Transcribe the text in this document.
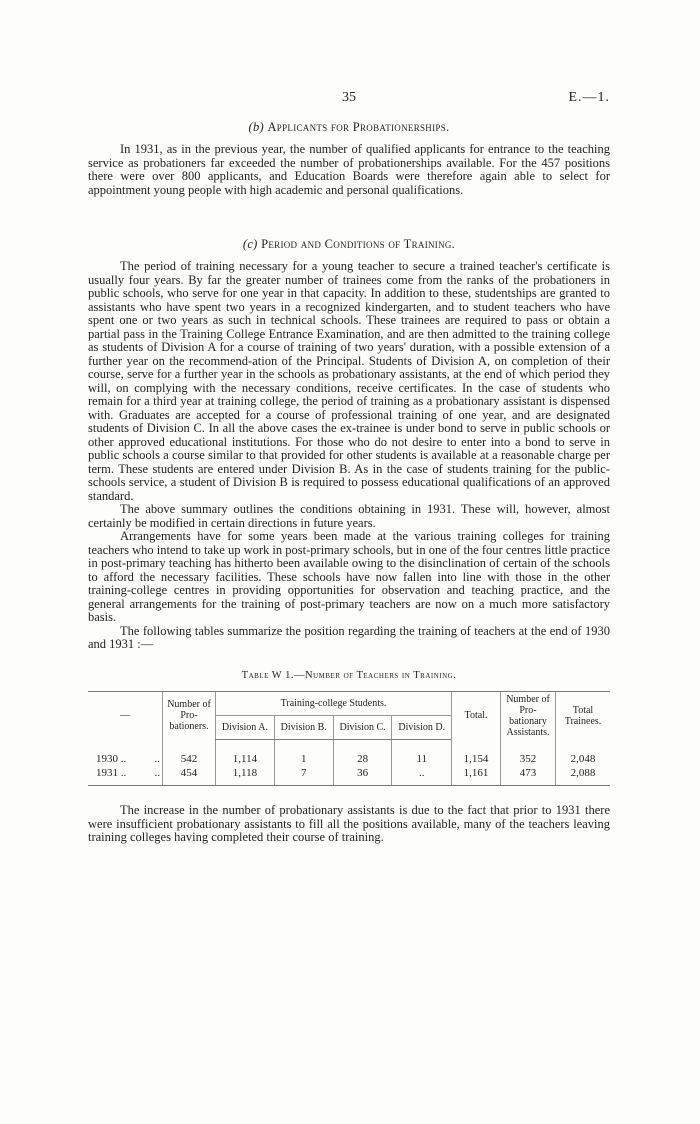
35	E.—1.
(b) Applicants for Probationerships.

In 1931, as in the previous year, the number of qualified applicants for entrance to the teaching service as probationers far exceeded the number of probationerships available. For the 457 positions there were over 800 applicants, and Education Boards were therefore again able to select for appointment young people with high academic and personal qualifications.

(c) Period and Conditions of Training.

The period of training necessary for a young teacher to secure a trained teacher's certificate is usually four years. By far the greater number of trainees come from the ranks of the probationers in public schools, who serve for one year in that capacity. In addition to these, studentships are granted to assistants who have spent two years in a recognized kindergarten, and to student teachers who have spent one or two years as such in technical schools. These trainees are required to pass or obtain a partial pass in the Training College Entrance Examination, and are then admitted to the training college as students of Division A for a course of training of two years' duration, with a possible extension of a further year on the recommend-ation of the Principal. Students of Division A, on completion of their course, serve for a further year in the schools as probationary assistants, at the end of which period they will, on complying with the necessary conditions, receive certificates. In the case of students who remain for a third year at training college, the period of training as a probationary assistant is dispensed with. Graduates are accepted for a course of professional training of one year, and are designated students of Division C. In all the above cases the ex-trainee is under bond to serve in public schools or other approved educational institutions. For those who do not desire to enter into a bond to serve in public schools a course similar to that provided for other students is available at a reasonable charge per term. These students are entered under Division B. As in the case of students training for the public-schools service, a student of Division B is required to possess educational qualifications of an approved standard.

The above summary outlines the conditions obtaining in 1931. These will, however, almost certainly be modified in certain directions in future years.

Arrangements have for some years been made at the various training colleges for training teachers who intend to take up work in post-primary schools, but in one of the four centres little practice in post-primary teaching has hitherto been available owing to the disinclination of certain of the schools to afford the necessary facilities. These schools have now fallen into line with those in the other training-college centres in providing opportunities for observation and teaching practice, and the general arrangements for the training of post-primary teachers are now on a much more satisfactory basis.

The following tables summarize the position regarding the training of teachers at the end of 1930 and 1931 :—

Table W 1.—Number of Teachers in Training.
—	Number of Pro-bationers.	Training-college Students.				Total.	Number of Pro-bationary Assistants.	Total Trainees.
		Division A.	Division B.	Division C.	Division D.			

1930 .. ..	542	1,114	1	28	11	1,154	352	2,048
1931 .. ..	454	1,118	7	36	..	1,161	473	2,088

The increase in the number of probationary assistants is due to the fact that prior to 1931 there were insufficient probationary assistants to fill all the positions available, many of the teachers leaving training colleges having completed their course of training.
